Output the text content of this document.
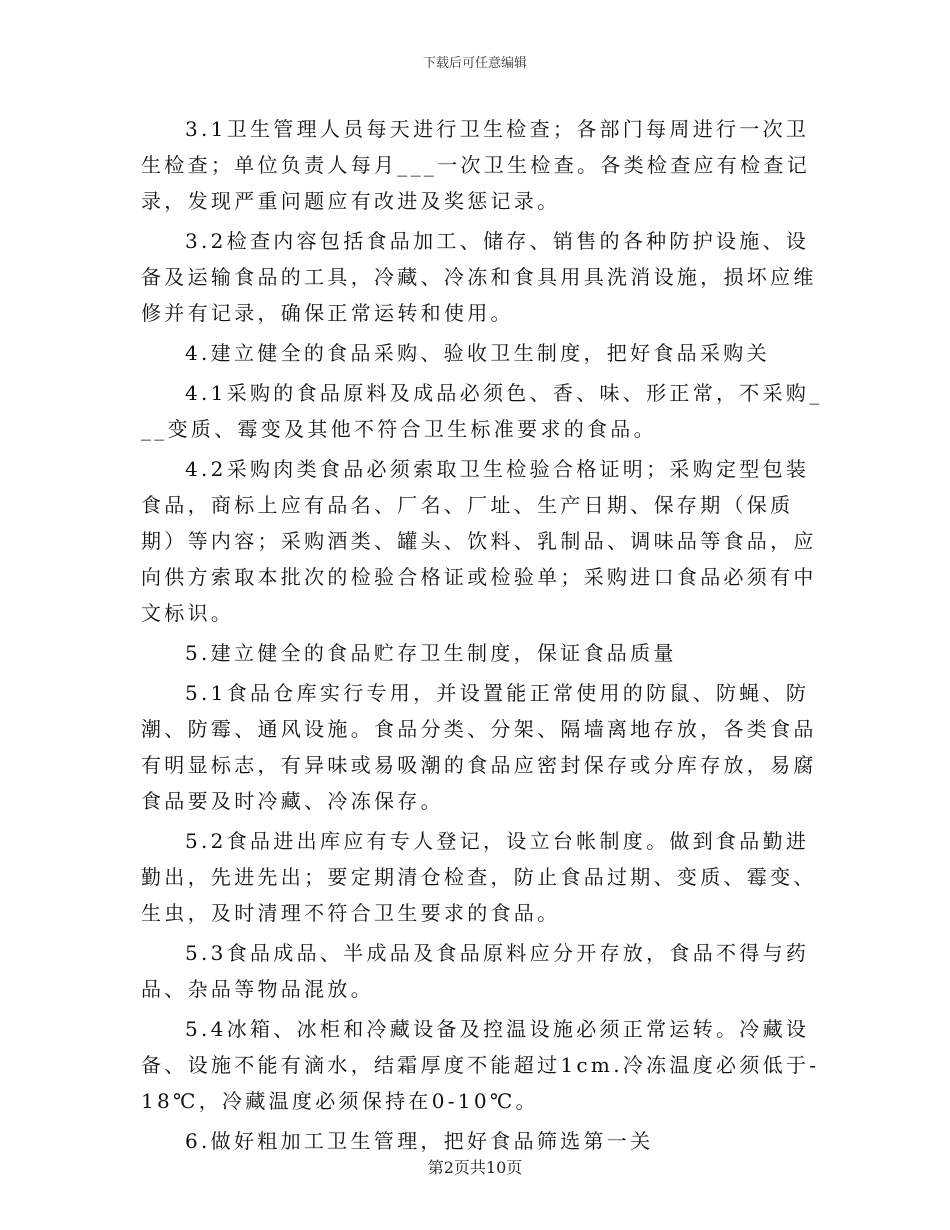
下载后可任意编辑

3.1卫生管理人员每天进行卫生检查；各部门每周进行一次卫生检查；单位负责人每月___一次卫生检查。各类检查应有检查记录，发现严重问题应有改进及奖惩记录。

3.2检查内容包括食品加工、储存、销售的各种防护设施、设备及运输食品的工具，冷藏、冷冻和食具用具洗消设施，损坏应维修并有记录，确保正常运转和使用。

4.建立健全的食品采购、验收卫生制度，把好食品采购关

4.1采购的食品原料及成品必须色、香、味、形正常，不采购___变质、霉变及其他不符合卫生标准要求的食品。

4.2采购肉类食品必须索取卫生检验合格证明；采购定型包装食品，商标上应有品名、厂名、厂址、生产日期、保存期（保质期）等内容；采购酒类、罐头、饮料、乳制品、调味品等食品，应向供方索取本批次的检验合格证或检验单；采购进口食品必须有中文标识。

5.建立健全的食品贮存卫生制度，保证食品质量

5.1食品仓库实行专用，并设置能正常使用的防鼠、防蝇、防潮、防霉、通风设施。食品分类、分架、隔墙离地存放，各类食品有明显标志，有异味或易吸潮的食品应密封保存或分库存放，易腐食品要及时冷藏、冷冻保存。

5.2食品进出库应有专人登记，设立台帐制度。做到食品勤进勤出，先进先出；要定期清仓检查，防止食品过期、变质、霉变、生虫，及时清理不符合卫生要求的食品。

5.3食品成品、半成品及食品原料应分开存放，食品不得与药品、杂品等物品混放。

5.4冰箱、冰柜和冷藏设备及控温设施必须正常运转。冷藏设备、设施不能有滴水，结霜厚度不能超过1cm.冷冻温度必须低于-18℃，冷藏温度必须保持在0-10℃。

6.做好粗加工卫生管理，把好食品筛选第一关

第2页共10页
